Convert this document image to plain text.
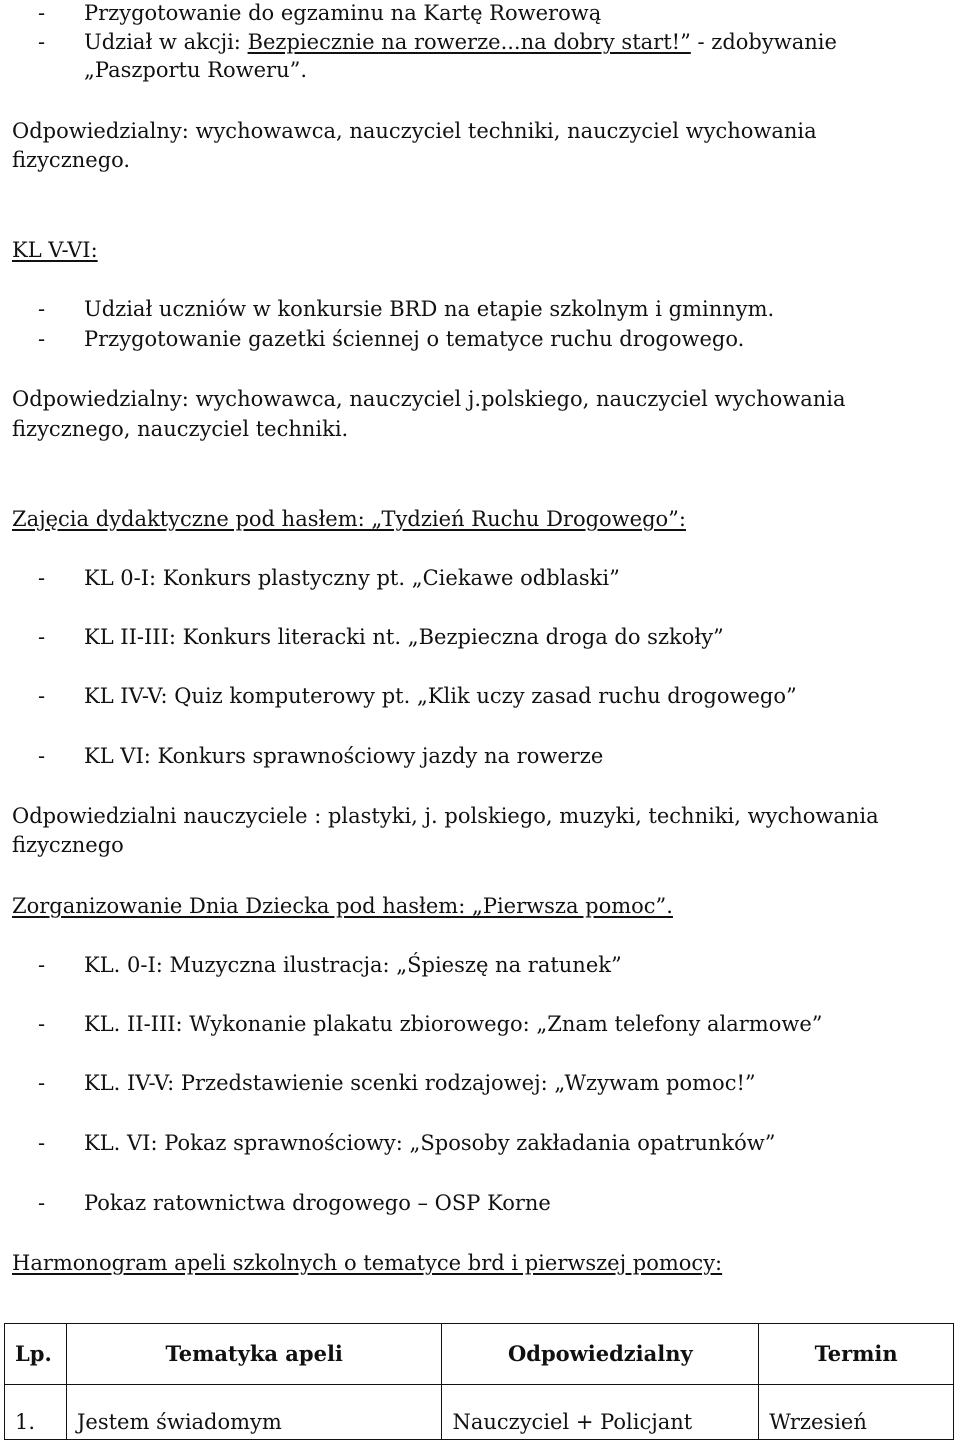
- Przygotowanie do egzaminu na Kartę Rowerową
- Udział w akcji: Bezpiecznie na rowerze...na dobry start!” - zdobywanie
„Paszportu Roweru”.
Odpowiedzialny: wychowawca, nauczyciel techniki, nauczyciel wychowania
fizycznego.
KL V-VI:
- Udział uczniów w konkursie BRD na etapie szkolnym i gminnym.
- Przygotowanie gazetki ściennej o tematyce ruchu drogowego.
Odpowiedzialny: wychowawca, nauczyciel j.polskiego, nauczyciel wychowania
fizycznego, nauczyciel techniki.
Zajęcia dydaktyczne pod hasłem: „Tydzień Ruchu Drogowego”:
- KL 0-I: Konkurs plastyczny pt. „Ciekawe odblaski”
- KL II-III: Konkurs literacki nt. „Bezpieczna droga do szkoły”
- KL IV-V: Quiz komputerowy pt. „Klik uczy zasad ruchu drogowego”
- KL VI: Konkurs sprawnościowy jazdy na rowerze
Odpowiedzialni nauczyciele : plastyki, j. polskiego, muzyki, techniki, wychowania
fizycznego
Zorganizowanie Dnia Dziecka pod hasłem: „Pierwsza pomoc”.
- KL. 0-I: Muzyczna ilustracja: „Śpieszę na ratunek”
- KL. II-III: Wykonanie plakatu zbiorowego: „Znam telefony alarmowe”
- KL. IV-V: Przedstawienie scenki rodzajowej: „Wzywam pomoc!”
- KL. VI: Pokaz sprawnościowy: „Sposoby zakładania opatrunków”
- Pokaz ratownictwa drogowego – OSP Korne
Harmonogram apeli szkolnych o tematyce brd i pierwszej pomocy:
Lp.	Tematyka apeli	Odpowiedzialny	Termin
1.	Jestem świadomym	Nauczyciel + Policjant	Wrzesień
